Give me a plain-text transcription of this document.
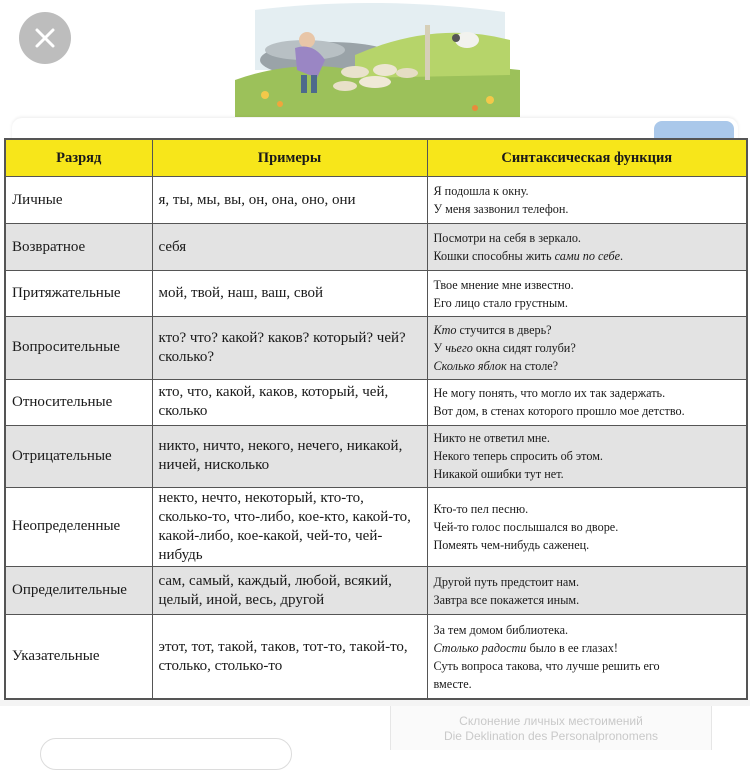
Разряд	Примеры	Синтаксическая функция
Личные	я, ты, мы, вы, он, она, оно, они	Я подошла к окну.
У меня зазвонил телефон.

Возвратное	себя	Посмотри на себя в зеркало.
Кошки способны жить сами по себе.

Притяжательные	мой, твой, наш, ваш, свой	Твое мнение мне известно.
Его лицо стало грустным.

Вопросительные	кто? что? какой? каков? который? чей? сколько?	Кто стучится в дверь?
У чьего окна сидят голуби?
Сколько яблок на столе?

Относительные	кто, что, какой, каков, который, чей, сколько	Не могу понять, что могло их так задержать.
Вот дом, в стенах которого прошло мое детство.

Отрицательные	никто, ничто, некого, нечего, никакой, ничей, нисколько	Никто не ответил мне.
Некого теперь спросить об этом.
Никакой ошибки тут нет.

Неопределенные	некто, нечто, некоторый, кто-то, сколько-то, что-либо, кое-кто, какой-то, какой-либо, кое-какой, чей-то, чей-нибудь	Кто-то пел песню.
Чей-то голос послышался во дворе.
Помеять чем-нибудь саженец.

Определительные	сам, самый, каждый, любой, всякий, целый, иной, весь, другой	Другой путь предстоит нам.
Завтра все покажется иным.

Указательные	этот, тот, такой, таков, тот-то, такой-то, столько, столько-то	За тем домом библиотека.
Столько радости было в ее глазах!
Суть вопроса такова, что лучше решить его
вместе.
Склонение личных местоимений
Die Deklination des Personalpronomens
